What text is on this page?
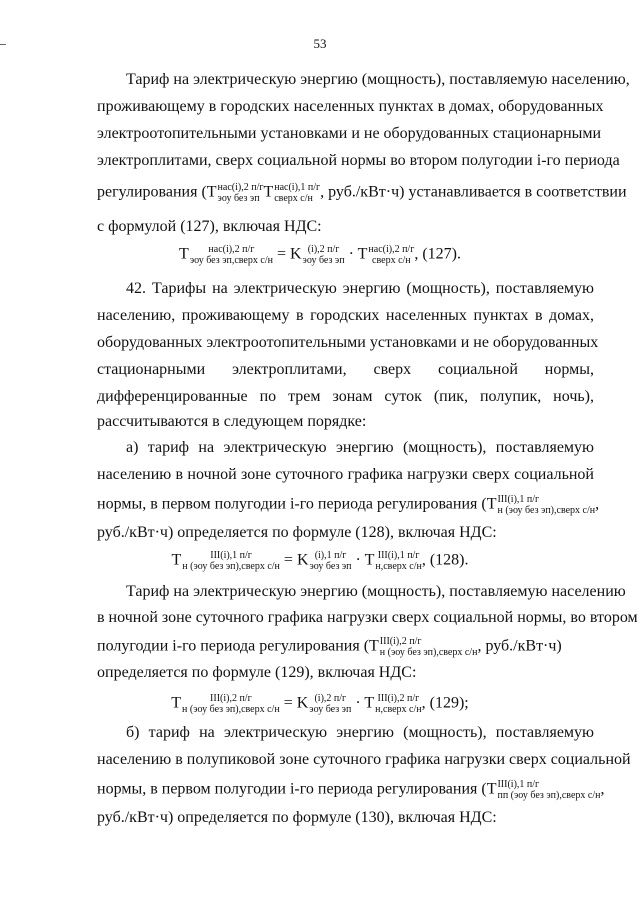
53
Тариф на электрическую энергию (мощность), поставляемую населению,
проживающему в городских населенных пунктах в домах, оборудованных
электроотопительными установками и не оборудованных стационарными
электроплитами, сверх социальной нормы во втором полугодии i-го периода
регулирования (T нас(i),2 п/г
эоу без эп T нас(i),1 п/г
сверх с/н , руб./кВт·ч) устанавливается в соответствии
с формулой (127), включая НДС:
T	нас(i),2 п/г
эоу без эп,сверх с/н = K (i),2 п/г
эоу без эп · T нас(i),2 п/г
сверх с/н , (127).
42. Тарифы на электрическую энергию (мощность), поставляемую
населению, проживающему в городских населенных пунктах в домах,
оборудованных электроотопительными установками и не оборудованных
стационарными электроплитами, сверх социальной нормы,
дифференцированные по трем зонам суток (пик, полупик, ночь),
рассчитываются в следующем порядке:
а) тариф на электрическую энергию (мощность), поставляемую
населению в ночной зоне суточного графика нагрузки сверх социальной
нормы, в первом полугодии i-го периода регулирования (T III(i),1 п/г
н (эоу без эп),сверх с/н ,
руб./кВт·ч) определяется по формуле (128), включая НДС:
T	III(i),1 п/г
н (эоу без эп),сверх с/н = K (i),1 п/г
эоу без эп · T III(i),1 п/г
н,сверх с/н , (128).
Тариф на электрическую энергию (мощность), поставляемую населению
в ночной зоне суточного графика нагрузки сверх социальной нормы, во втором
полугодии i-го периода регулирования (T III(i),2 п/г
н (эоу без эп),сверх с/н , руб./кВт·ч)
определяется по формуле (129), включая НДС:
T	III(i),2 п/г
н (эоу без эп),сверх с/н = K (i),2 п/г
эоу без эп · T III(i),2 п/г
н,сверх с/н , (129);
б) тариф на электрическую энергию (мощность), поставляемую
населению в полупиковой зоне суточного графика нагрузки сверх социальной
нормы, в первом полугодии i-го периода регулирования (T III(i),1 п/г
пп (эоу без эп),сверх с/н ,
руб./кВт·ч) определяется по формуле (130), включая НДС:
